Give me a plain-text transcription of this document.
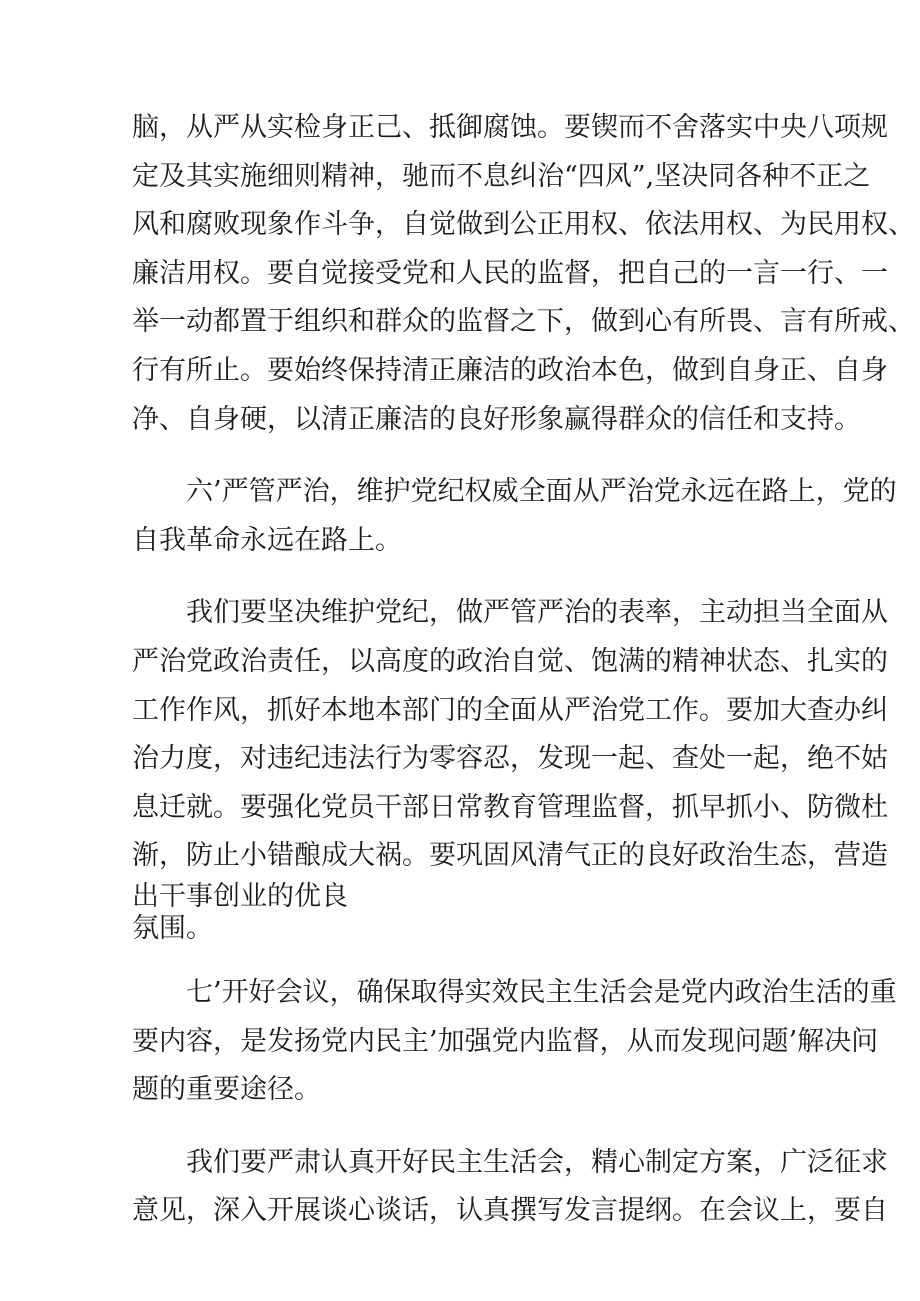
脑，从严从实检身正己、抵御腐蚀。要锲而不舍落实中央八项规
定及其实施细则精神，驰而不息纠治“四风”,坚决同各种不正之
风和腐败现象作斗争，自觉做到公正用权、依法用权、为民用权、
廉洁用权。要自觉接受党和人民的监督，把自己的一言一行、一
举一动都置于组织和群众的监督之下，做到心有所畏、言有所戒、
行有所止。要始终保持清正廉洁的政治本色，做到自身正、自身
净、自身硬，以清正廉洁的良好形象赢得群众的信任和支持。
六’严管严治，维护党纪权威全面从严治党永远在路上，党的
自我革命永远在路上。
我们要坚决维护党纪，做严管严治的表率，主动担当全面从
严治党政治责任，以高度的政治自觉、饱满的精神状态、扎实的
工作作风，抓好本地本部门的全面从严治党工作。要加大查办纠
治力度，对违纪违法行为零容忍，发现一起、查处一起，绝不姑
息迁就。要强化党员干部日常教育管理监督，抓早抓小、防微杜
渐，防止小错酿成大祸。要巩固风清气正的良好政治生态，营造
出干事创业的优良
氛围。
七’开好会议，确保取得实效民主生活会是党内政治生活的重
要内容，是发扬党内民主’加强党内监督，从而发现问题’解决问
题的重要途径。
我们要严肃认真开好民主生活会，精心制定方案，广泛征求
意见，深入开展谈心谈话，认真撰写发言提纲。在会议上，要自
